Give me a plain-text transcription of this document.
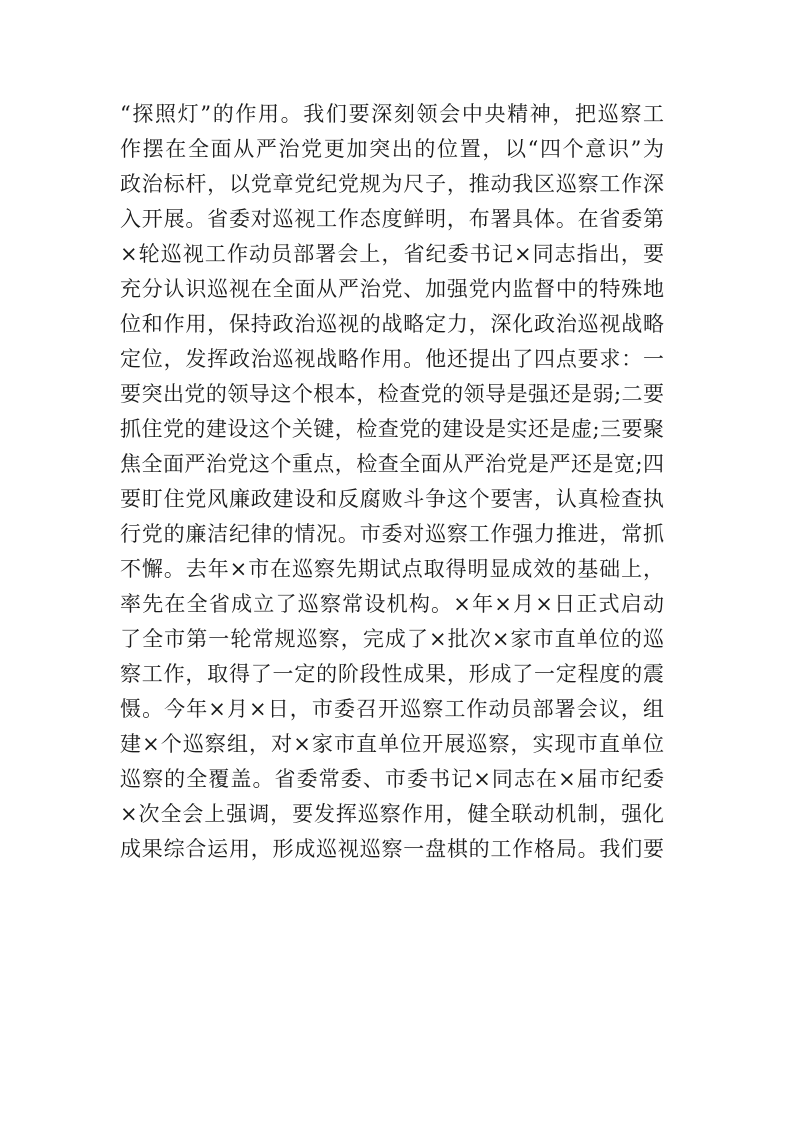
“探照灯”的作用。我们要深刻领会中央精神，把巡察工
作摆在全面从严治党更加突出的位置，以“四个意识”为
政治标杆，以党章党纪党规为尺子，推动我区巡察工作深
入开展。省委对巡视工作态度鲜明，布署具体。在省委第
×轮巡视工作动员部署会上，省纪委书记×同志指出，要
充分认识巡视在全面从严治党、加强党内监督中的特殊地
位和作用，保持政治巡视的战略定力，深化政治巡视战略
定位，发挥政治巡视战略作用。他还提出了四点要求：一
要突出党的领导这个根本，检查党的领导是强还是弱;二要
抓住党的建设这个关键，检查党的建设是实还是虚;三要聚
焦全面严治党这个重点，检查全面从严治党是严还是宽;四
要盯住党风廉政建设和反腐败斗争这个要害，认真检查执
行党的廉洁纪律的情况。市委对巡察工作强力推进，常抓
不懈。去年×市在巡察先期试点取得明显成效的基础上，
率先在全省成立了巡察常设机构。×年×月×日正式启动
了全市第一轮常规巡察，完成了×批次×家市直单位的巡
察工作，取得了一定的阶段性成果，形成了一定程度的震
慑。今年×月×日，市委召开巡察工作动员部署会议，组
建×个巡察组，对×家市直单位开展巡察，实现市直单位
巡察的全覆盖。省委常委、市委书记×同志在×届市纪委
×次全会上强调，要发挥巡察作用，健全联动机制，强化
成果综合运用，形成巡视巡察一盘棋的工作格局。我们要
